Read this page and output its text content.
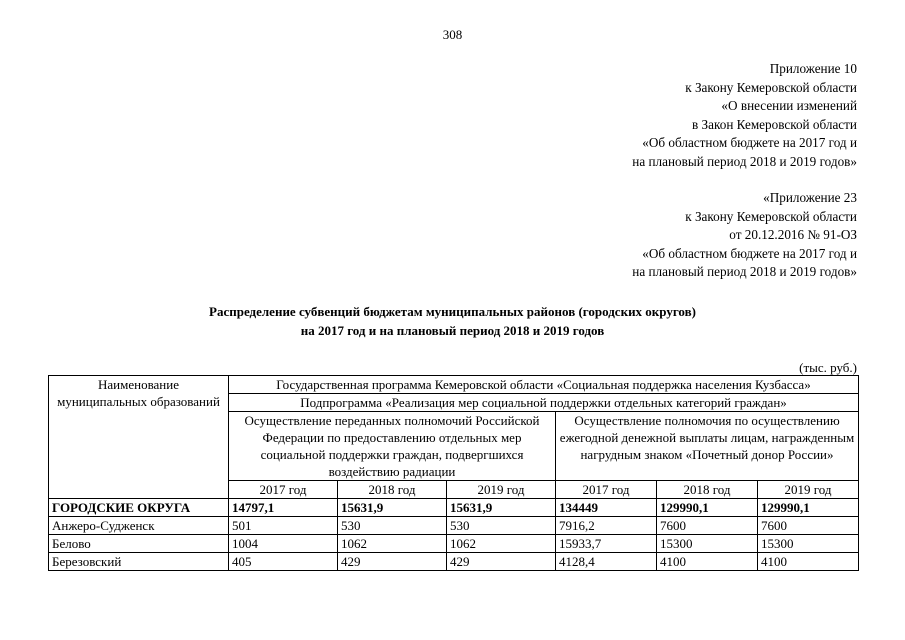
308
Приложение 10
к Закону Кемеровской области
«О внесении изменений
в Закон Кемеровской области
«Об областном бюджете на 2017 год и
на плановый период 2018 и 2019 годов»
«Приложение 23
к Закону Кемеровской области
от 20.12.2016 № 91-ОЗ
«Об областном бюджете на 2017 год и
на плановый период 2018 и 2019 годов»
Распределение субвенций бюджетам муниципальных районов (городских округов)
на 2017 год и на плановый период 2018 и 2019 годов
(тыс. руб.)
Наименование муниципальных образований	Государственная программа Кемеровской области «Социальная поддержка населения Кузбасса»					
	Подпрограмма «Реализация мер социальной поддержки отдельных категорий граждан»					
	Осуществление переданных полномочий Российской Федерации по предоставлению отдельных мер социальной поддержки граждан, подвергшихся воздействию радиации			Осуществление полномочия по осуществлению ежегодной денежной выплаты лицам, награжденным нагрудным знаком «Почетный донор России»		
	2017 год	2018 год	2019 год	2017 год	2018 год	2019 год
ГОРОДСКИЕ ОКРУГА	14797,1	15631,9	15631,9	134449	129990,1	129990,1
Анжеро-Судженск	501	530	530	7916,2	7600	7600
Белово	1004	1062	1062	15933,7	15300	15300
Березовский	405	429	429	4128,4	4100	4100
